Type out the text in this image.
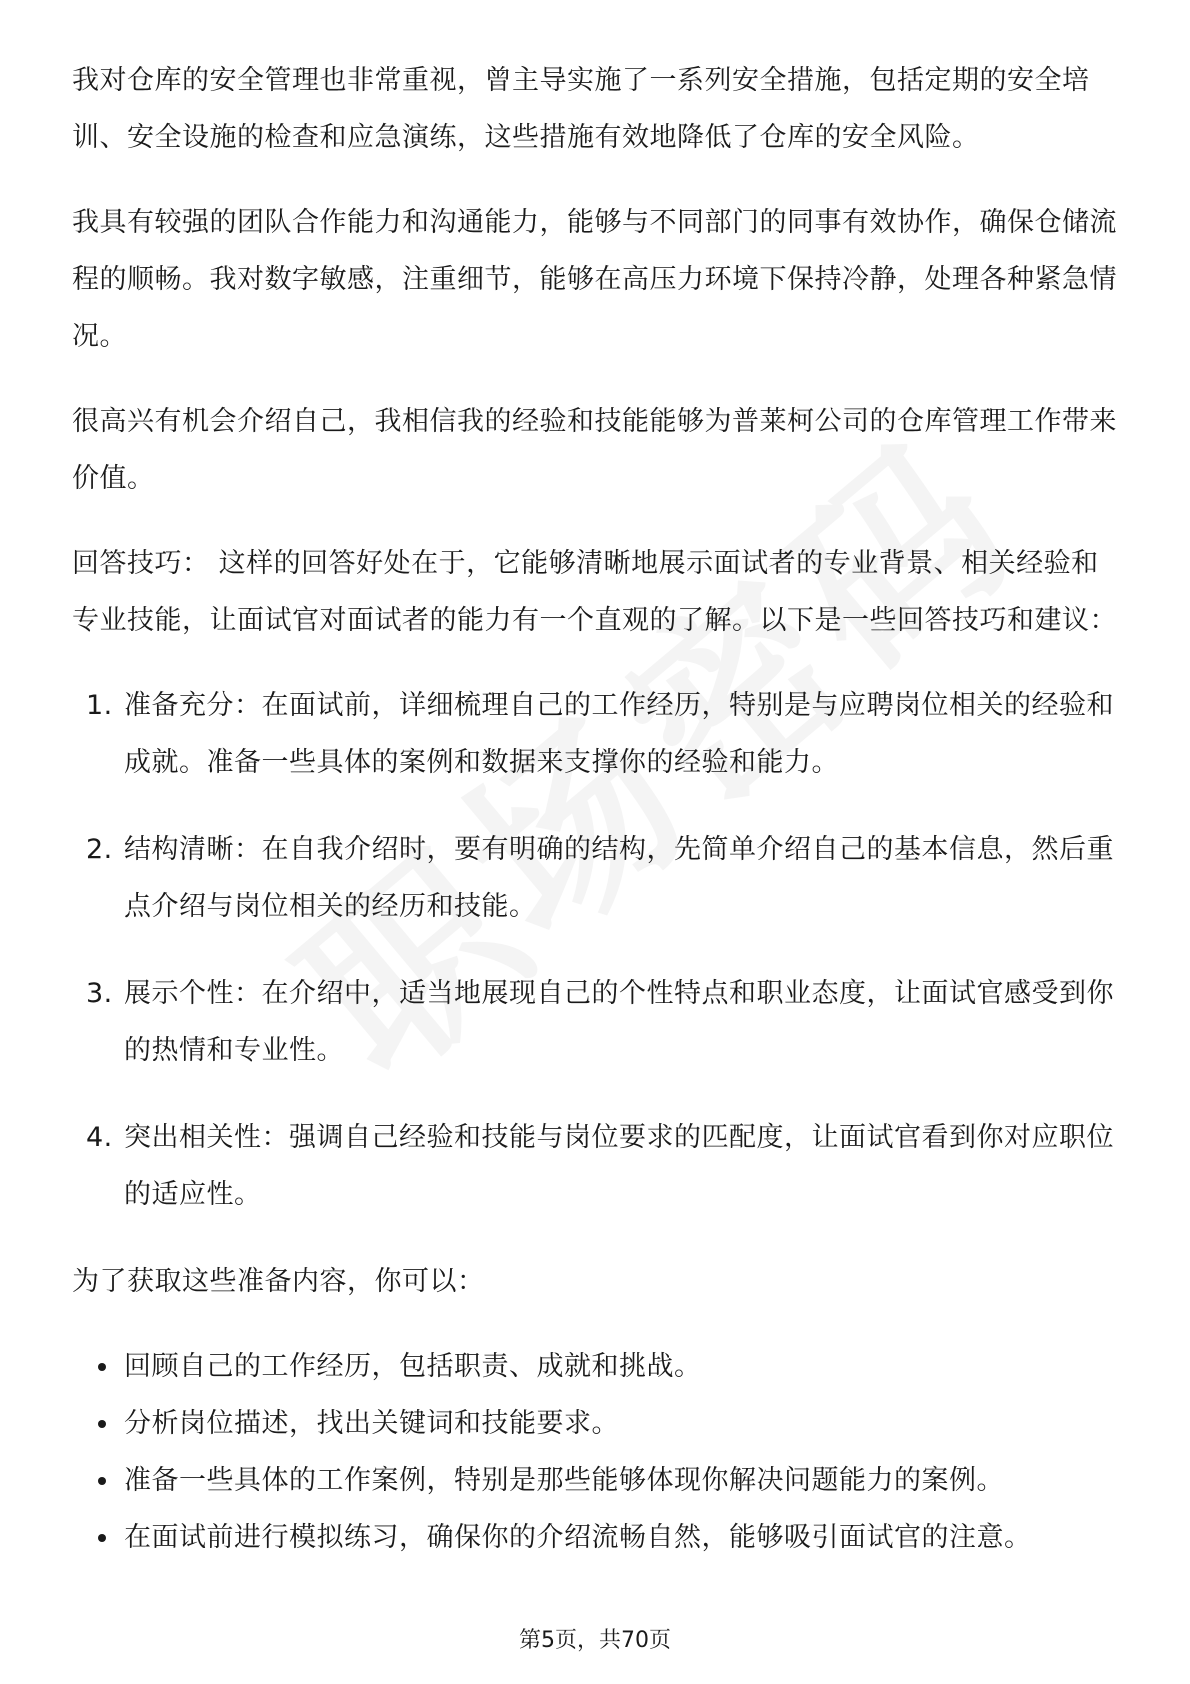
我对仓库的安全管理也非常重视，曾主导实施了一系列安全措施，包括定期的安全培训、安全设施的检查和应急演练，这些措施有效地降低了仓库的安全风险。

我具有较强的团队合作能力和沟通能力，能够与不同部门的同事有效协作，确保仓储流程的顺畅。我对数字敏感，注重细节，能够在高压力环境下保持冷静，处理各种紧急情况。

很高兴有机会介绍自己，我相信我的经验和技能能够为普莱柯公司的仓库管理工作带来价值。

回答技巧： 这样的回答好处在于，它能够清晰地展示面试者的专业背景、相关经验和专业技能，让面试官对面试者的能力有一个直观的了解。以下是一些回答技巧和建议：

1. 准备充分：在面试前，详细梳理自己的工作经历，特别是与应聘岗位相关的经验和成就。准备一些具体的案例和数据来支撑你的经验和能力。
2. 结构清晰：在自我介绍时，要有明确的结构，先简单介绍自己的基本信息，然后重点介绍与岗位相关的经历和技能。
3. 展示个性：在介绍中，适当地展现自己的个性特点和职业态度，让面试官感受到你的热情和专业性。
4. 突出相关性：强调自己经验和技能与岗位要求的匹配度，让面试官看到你对应职位的适应性。

为了获取这些准备内容，你可以：

回顾自己的工作经历，包括职责、成就和挑战。
分析岗位描述，找出关键词和技能要求。
准备一些具体的工作案例，特别是那些能够体现你解决问题能力的案例。
在面试前进行模拟练习，确保你的介绍流畅自然，能够吸引面试官的注意。
第5页，共70页
